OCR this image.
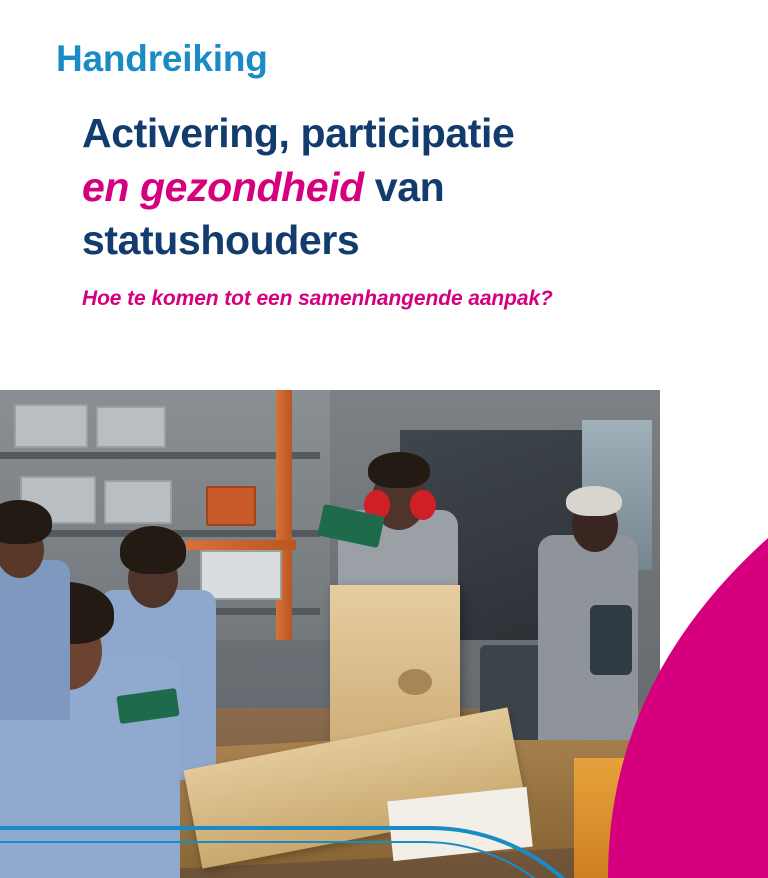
Handreiking
Activering, participatie
en gezondheid van
statushouders
Hoe te komen tot een samenhangende aanpak?
